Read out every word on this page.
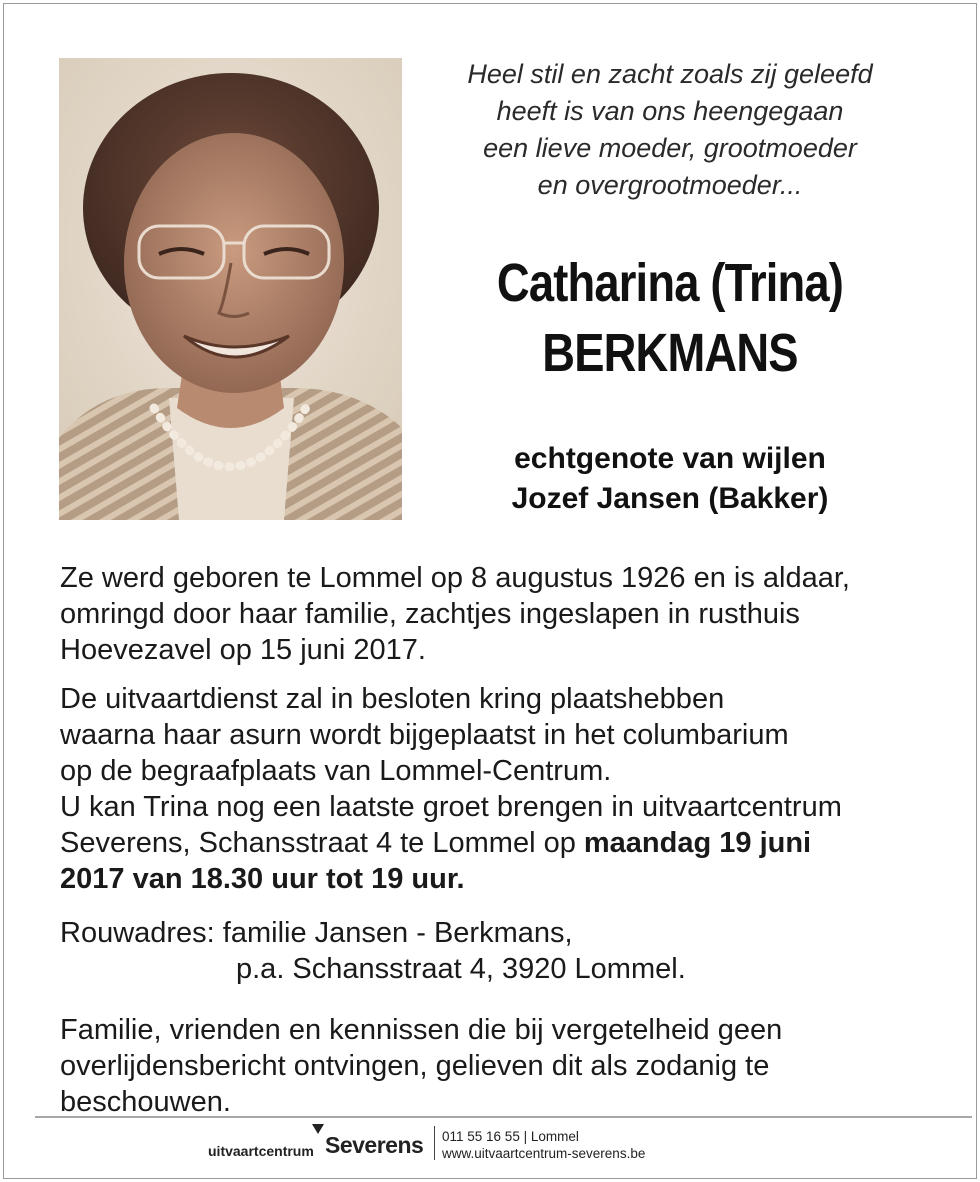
Heel stil en zacht zoals zij geleefd
heeft is van ons heengegaan
een lieve moeder, grootmoeder
en overgrootmoeder...
Catharina (Trina)
BERKMANS
echtgenote van wijlen
Jozef Jansen (Bakker)
Ze werd geboren te Lommel op 8 augustus 1926 en is aldaar,
omringd door haar familie, zachtjes ingeslapen in rusthuis
Hoevezavel op 15 juni 2017.
De uitvaartdienst zal in besloten kring plaatshebben
waarna haar asurn wordt bijgeplaatst in het columbarium
op de begraafplaats van Lommel-Centrum.
U kan Trina nog een laatste groet brengen in uitvaartcentrum
Severens, Schansstraat 4 te Lommel op maandag 19 juni
2017 van 18.30 uur tot 19 uur.
Rouwadres: familie Jansen - Berkmans,
p.a. Schansstraat 4, 3920 Lommel.
Familie, vrienden en kennissen die bij vergetelheid geen
overlijdensbericht ontvingen, gelieven dit als zodanig te
beschouwen.
uitvaartcentrum Severens 011 55 16 55 | Lommel
www.uitvaartcentrum-severens.be
